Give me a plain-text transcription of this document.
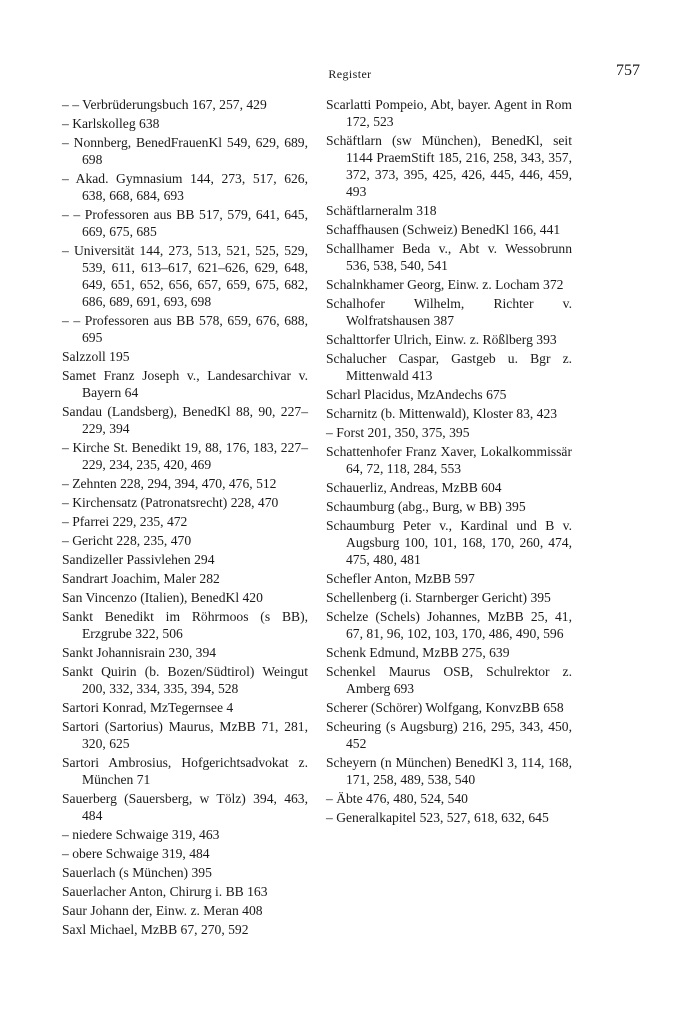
Register	757

– – Verbrüderungsbuch 167, 257, 429

– Karlskolleg 638

– Nonnberg, BenedFrauenKl 549, 629, 689, 698

– Akad. Gymnasium 144, 273, 517, 626, 638, 668, 684, 693

– – Professoren aus BB 517, 579, 641, 645, 669, 675, 685

– Universität 144, 273, 513, 521, 525, 529, 539, 611, 613–617, 621–626, 629, 648, 649, 651, 652, 656, 657, 659, 675, 682, 686, 689, 691, 693, 698

– – Professoren aus BB 578, 659, 676, 688, 695

Salzzoll 195

Samet Franz Joseph v., Landesarchivar v. Bayern 64

Sandau (Landsberg), BenedKl 88, 90, 227–229, 394

– Kirche St. Benedikt 19, 88, 176, 183, 227–229, 234, 235, 420, 469

– Zehnten 228, 294, 394, 470, 476, 512

– Kirchensatz (Patronatsrecht) 228, 470

– Pfarrei 229, 235, 472

– Gericht 228, 235, 470

Sandizeller Passivlehen 294

Sandrart Joachim, Maler 282

San Vincenzo (Italien), BenedKl 420

Sankt Benedikt im Röhrmoos (s BB), Erzgrube 322, 506

Sankt Johannisrain 230, 394

Sankt Quirin (b. Bozen/Südtirol) Weingut 200, 332, 334, 335, 394, 528

Sartori Konrad, MzTegernsee 4

Sartori (Sartorius) Maurus, MzBB 71, 281, 320, 625

Sartori Ambrosius, Hofgerichtsadvokat z. München 71

Sauerberg (Sauersberg, w Tölz) 394, 463, 484

– niedere Schwaige 319, 463

– obere Schwaige 319, 484

Sauerlach (s München) 395

Sauerlacher Anton, Chirurg i. BB 163

Saur Johann der, Einw. z. Meran 408

Saxl Michael, MzBB 67, 270, 592

Scarlatti Pompeio, Abt, bayer. Agent in Rom 172, 523

Schäftlarn (sw München), BenedKl, seit 1144 PraemStift 185, 216, 258, 343, 357, 372, 373, 395, 425, 426, 445, 446, 459, 493

Schäftlarneralm 318

Schaffhausen (Schweiz) BenedKl 166, 441

Schallhamer Beda v., Abt v. Wessobrunn 536, 538, 540, 541

Schalnkhamer Georg, Einw. z. Locham 372

Schalhofer Wilhelm, Richter v. Wolfratshausen 387

Schalttorfer Ulrich, Einw. z. Rößlberg 393

Schalucher Caspar, Gastgeb u. Bgr z. Mittenwald 413

Scharl Placidus, MzAndechs 675

Scharnitz (b. Mittenwald), Kloster 83, 423

– Forst 201, 350, 375, 395

Schattenhofer Franz Xaver, Lokalkommissär 64, 72, 118, 284, 553

Schauerliz, Andreas, MzBB 604

Schaumburg (abg., Burg, w BB) 395

Schaumburg Peter v., Kardinal und B v. Augsburg 100, 101, 168, 170, 260, 474, 475, 480, 481

Schefler Anton, MzBB 597

Schellenberg (i. Starnberger Gericht) 395

Schelze (Schels) Johannes, MzBB 25, 41, 67, 81, 96, 102, 103, 170, 486, 490, 596

Schenk Edmund, MzBB 275, 639

Schenkel Maurus OSB, Schulrektor z. Amberg 693

Scherer (Schörer) Wolfgang, KonvzBB 658

Scheuring (s Augsburg) 216, 295, 343, 450, 452

Scheyern (n München) BenedKl 3, 114, 168, 171, 258, 489, 538, 540

– Äbte 476, 480, 524, 540

– Generalkapitel 523, 527, 618, 632, 645
